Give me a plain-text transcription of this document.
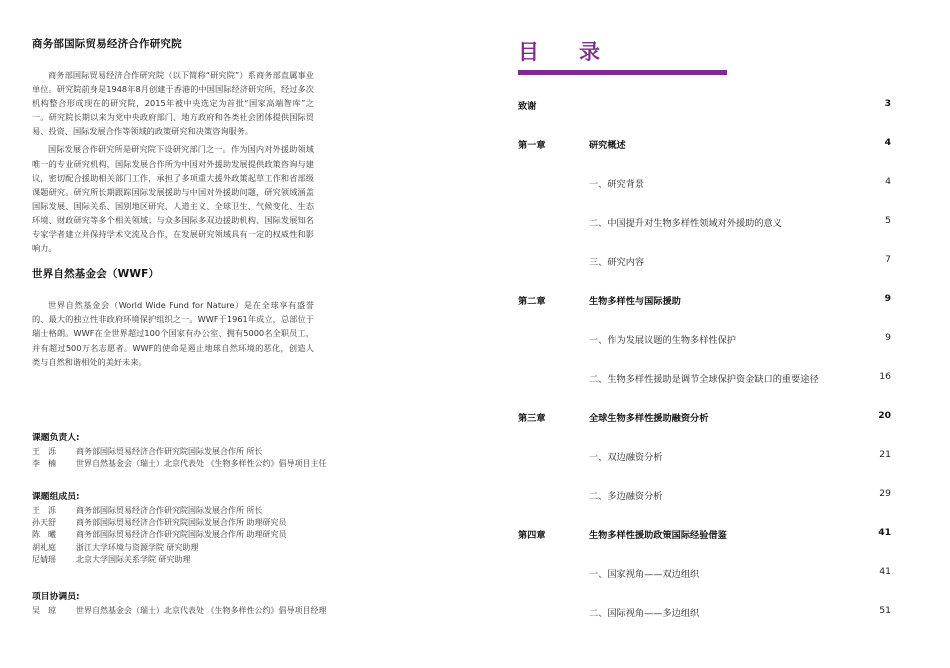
商务部国际贸易经济合作研究院

商务部国际贸易经济合作研究院（以下简称“研究院”）系商务部直属事业单位。研究院前身是1948年8月创建于香港的中国国际经济研究所，经过多次机构整合形成现在的研究院，2015年被中央选定为首批“国家高端智库”之一。研究院长期以来为党中央政府部门、地方政府和各类社会团体提供国际贸易、投资、国际发展合作等领域的政策研究和决策咨询服务。

国际发展合作研究所是研究院下设研究部门之一。作为国内对外援助领域唯一的专业研究机构，国际发展合作所为中国对外援助发展提供政策咨询与建议，密切配合援助相关部门工作，承担了多项重大援外政策起草工作和省部级课题研究。研究所长期跟踪国际发展援助与中国对外援助问题，研究领域涵盖国际发展、国际关系、国别地区研究、人道主义、全球卫生、气候变化、生态环境、财政研究等多个相关领域；与众多国际多双边援助机构、国际发展知名专家学者建立并保持学术交流及合作，在发展研究领域具有一定的权威性和影响力。

世界自然基金会（WWF）

世界自然基金会（World Wide Fund for Nature）是在全球享有盛誉的、最大的独立性非政府环境保护组织之一。WWF于1961年成立，总部位于瑞士格朗。WWF在全世界超过100个国家有办公室、拥有5000名全职员工，并有超过500万名志愿者。WWF的使命是遏止地球自然环境的恶化，创造人类与自然和谐相处的美好未来。

课题负责人:
王　泺	商务部国际贸易经济合作研究院国际发展合作所 所长
李　楠	世界自然基金会（瑞士）北京代表处 《生物多样性公约》倡导项目主任
课题组成员:
王　泺	商务部国际贸易经济合作研究院国际发展合作所 所长
孙天舒	商务部国际贸易经济合作研究院国际发展合作所 助理研究员
陈　曦	商务部国际贸易经济合作研究院国际发展合作所 助理研究员
胡礼庭	浙江大学环境与资源学院 研究助理
尼婧瑶	北京大学国际关系学院 研究助理
项目协调员:
吴　琼	世界自然基金会（瑞士）北京代表处 《生物多样性公约》倡导项目经理
目录
致谢	3
第一章	研究概述	4
一、研究背景	4
二、中国提升对生物多样性领域对外援助的意义	5
三、研究内容	7
第二章	生物多样性与国际援助	9
一、作为发展议题的生物多样性保护	9
二、生物多样性援助是调节全球保护资金缺口的重要途径	16
第三章	全球生物多样性援助融资分析	20
一、双边融资分析	21
二、多边融资分析	29
第四章	生物多样性援助政策国际经验借鉴	41
一、国家视角——双边组织	41
二、国际视角——多边组织	51
